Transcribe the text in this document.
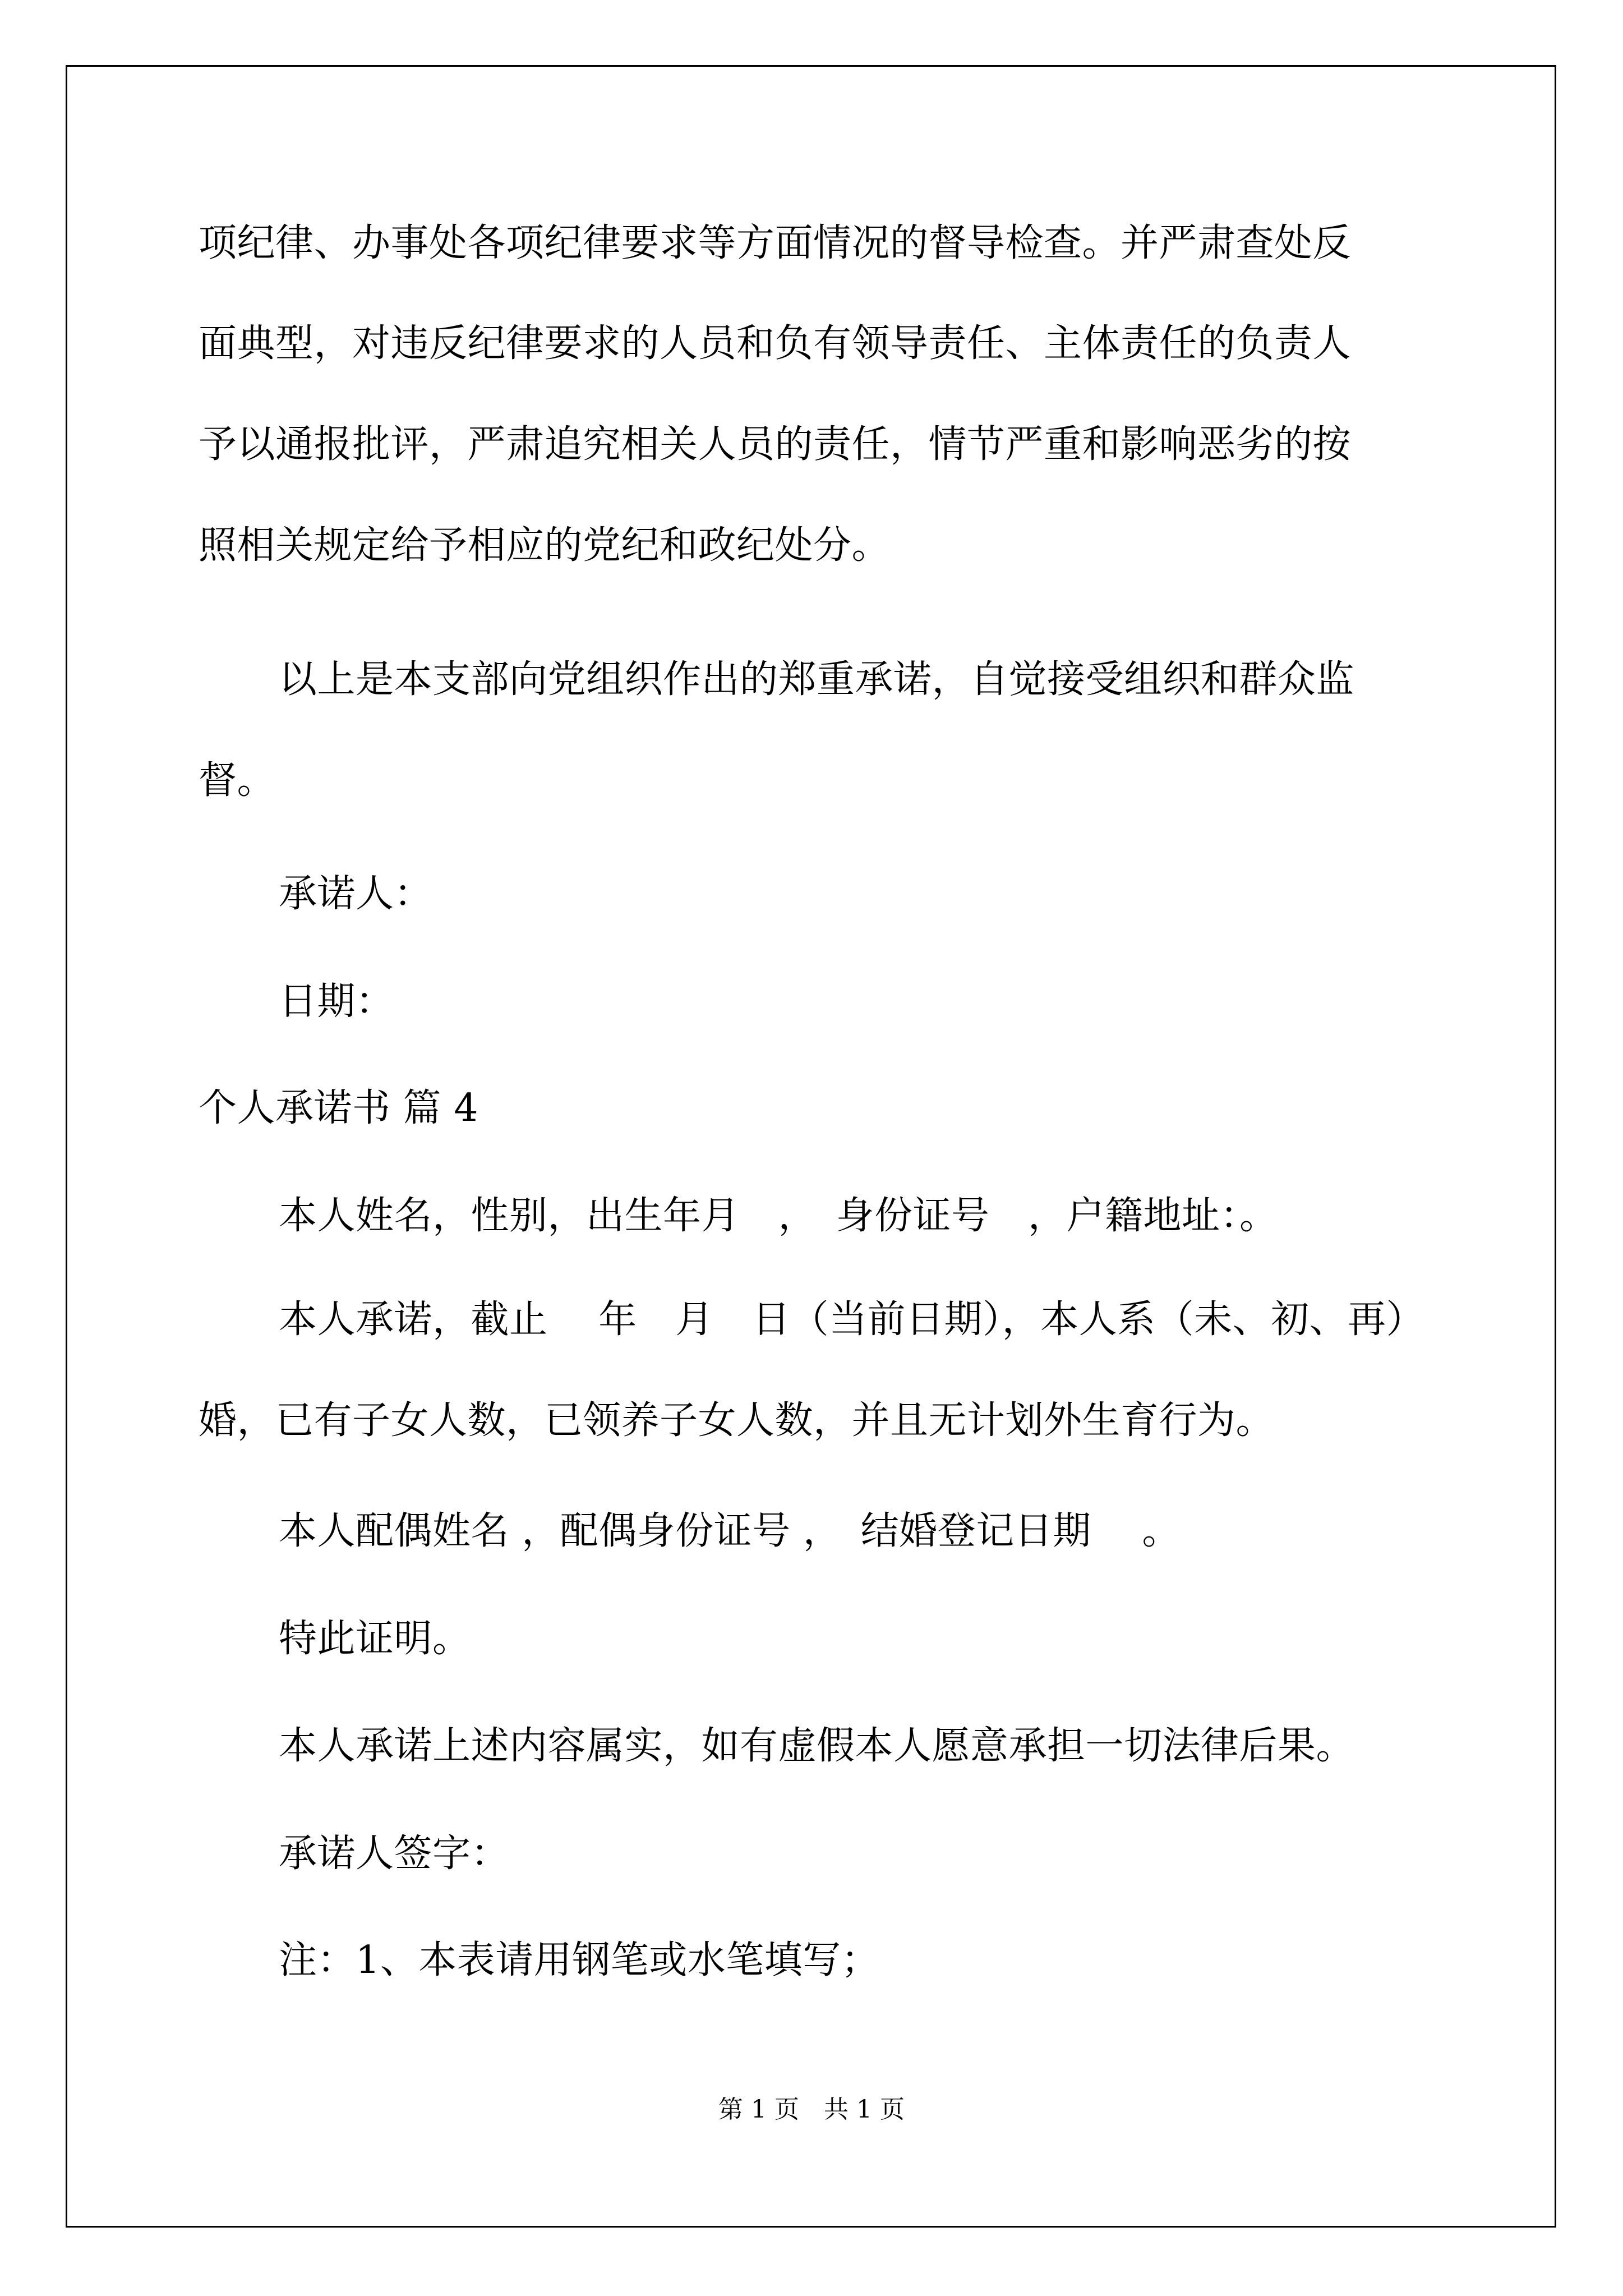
项纪律、办事处各项纪律要求等方面情况的督导检查。并严肃查处反
面典型，对违反纪律要求的人员和负有领导责任、主体责任的负责人
予以通报批评，严肃追究相关人员的责任，情节严重和影响恶劣的按
照相关规定给予相应的党纪和政纪处分。
以上是本支部向党组织作出的郑重承诺，自觉接受组织和群众监
督。
承诺人：
日期：
个人承诺书 篇 4
本人姓名，性别，出生年月　，　身份证号　，户籍地址：。
本人承诺，截止　 年　月　日（当前日期），本人系（未、初、再）
婚，已有子女人数，已领养子女人数，并且无计划外生育行为。
本人配偶姓名 ，配偶身份证号 ，　结婚登记日期　 。
特此证明。
本人承诺上述内容属实，如有虚假本人愿意承担一切法律后果。
承诺人签字：
注：1、本表请用钢笔或水笔填写；
第 1 页　共 1 页
